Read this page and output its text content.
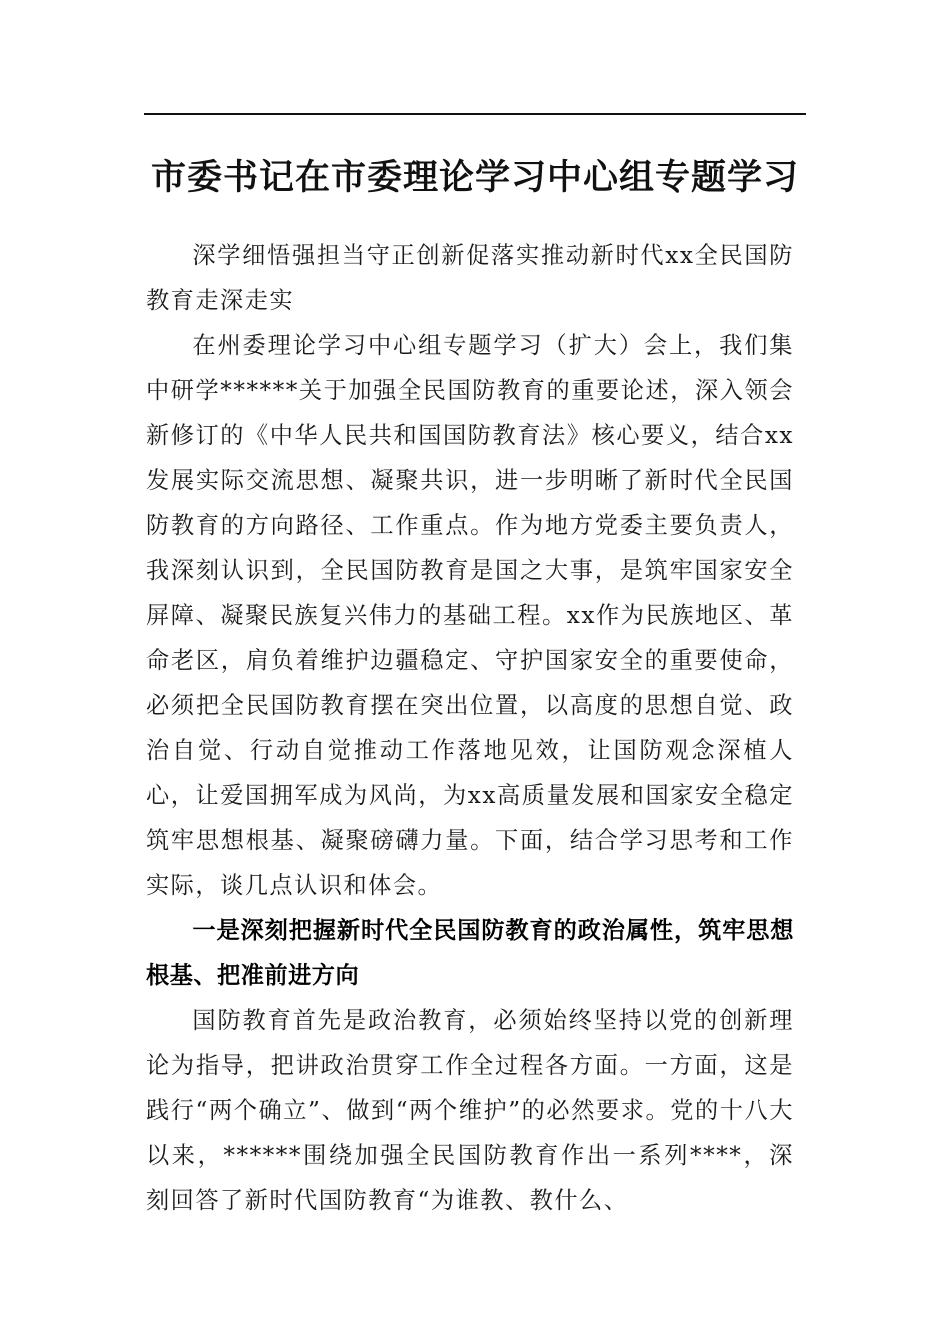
市委书记在市委理论学习中心组专题学习

深学细悟强担当守正创新促落实推动新时代xx全民国防教育走深走实

在州委理论学习中心组专题学习（扩大）会上，我们集中研学******关于加强全民国防教育的重要论述，深入领会新修订的《中华人民共和国国防教育法》核心要义，结合xx发展实际交流思想、凝聚共识，进一步明晰了新时代全民国防教育的方向路径、工作重点。作为地方党委主要负责人，我深刻认识到，全民国防教育是国之大事，是筑牢国家安全屏障、凝聚民族复兴伟力的基础工程。xx作为民族地区、革命老区，肩负着维护边疆稳定、守护国家安全的重要使命，必须把全民国防教育摆在突出位置，以高度的思想自觉、政治自觉、行动自觉推动工作落地见效，让国防观念深植人心，让爱国拥军成为风尚，为xx高质量发展和国家安全稳定筑牢思想根基、凝聚磅礴力量。下面，结合学习思考和工作实际，谈几点认识和体会。

一是深刻把握新时代全民国防教育的政治属性，筑牢思想根基、把准前进方向

国防教育首先是政治教育，必须始终坚持以党的创新理论为指导，把讲政治贯穿工作全过程各方面。一方面，这是践行“两个确立”、做到“两个维护”的必然要求。党的十八大以来，******围绕加强全民国防教育作出一系列****，深刻回答了新时代国防教育“为谁教、教什么、
